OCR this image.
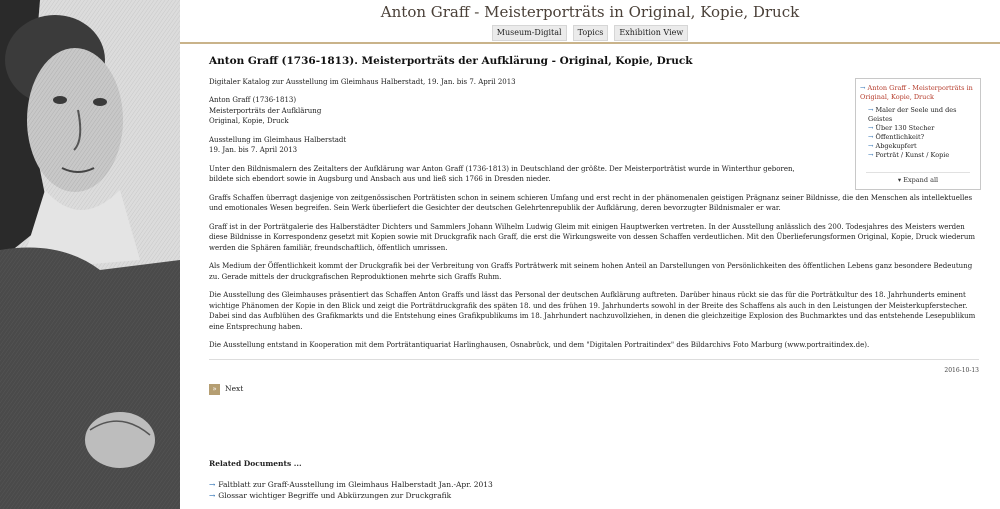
Anton Graff - Meisterporträts in Original, Kopie, Druck
Museum-Digital Topics Exhibition View
Anton Graff (1736-1813). Meisterporträts der Aufklärung - Original, Kopie, Druck
Digitaler Katalog zur Ausstellung im Gleimhaus Halberstadt, 19. Jan. bis 7. April 2013
Anton Graff (1736-1813)
Meisterporträts der Aufklärung
Original, Kopie, Druck
Ausstellung im Gleimhaus Halberstadt
19. Jan. bis 7. April 2013
Unter den Bildnismalern des Zeitalters der Aufklärung war Anton Graff (1736-1813) in Deutschland der größte. Der Meisterporträtist wurde in Winterthur geboren, bildete sich ebendort sowie in Augsburg und Ansbach aus und ließ sich 1766 in Dresden nieder.
Graffs Schaffen überragt dasjenige von zeitgenössischen Porträtisten schon in seinem schieren Umfang und erst recht in der phänomenalen geistigen Prägnanz seiner Bildnisse, die den Menschen als intellektuelles und emotionales Wesen begreifen. Sein Werk überliefert die Gesichter der deutschen Gelehrtenrepublik der Aufklärung, deren bevorzugter Bildnismaler er war.
Graff ist in der Porträtgalerie des Halberstädter Dichters und Sammlers Johann Wilhelm Ludwig Gleim mit einigen Hauptwerken vertreten. In der Ausstellung anlässlich des 200. Todesjahres des Meisters werden diese Bildnisse in Korrespondenz gesetzt mit Kopien sowie mit Druckgrafik nach Graff, die erst die Wirkungsweite von dessen Schaffen verdeutlichen. Mit den Überlieferungsformen Original, Kopie, Druck wiederum werden die Sphären familiär, freundschaftlich, öffentlich umrissen.
Als Medium der Öffentlichkeit kommt der Druckgrafik bei der Verbreitung von Graffs Porträtwerk mit seinem hohen Anteil an Darstellungen von Persönlichkeiten des öffentlichen Lebens ganz besondere Bedeutung zu. Gerade mittels der druckgrafischen Reproduktionen mehrte sich Graffs Ruhm.
Die Ausstellung des Gleimhauses präsentiert das Schaffen Anton Graffs und lässt das Personal der deutschen Aufklärung auftreten. Darüber hinaus rückt sie das für die Porträtkultur des 18. Jahrhunderts eminent wichtige Phänomen der Kopie in den Blick und zeigt die Porträtdruckgrafik des späten 18. und des frühen 19. Jahrhunderts sowohl in der Breite des Schaffens als auch in den Leistungen der Meisterkupferstecher. Dabei sind das Aufblühen des Grafikmarkts und die Entstehung eines Grafikpublikums im 18. Jahrhundert nachzuvollziehen, in denen die gleichzeitige Explosion des Buchmarktes und das entstehende Lesepublikum eine Entsprechung haben.
Die Ausstellung entstand in Kooperation mit dem Porträtantiquariat Harlinghausen, Osnabrück, und dem "Digitalen Portraitindex" des Bildarchivs Foto Marburg (www.portraitindex.de).
2016-10-13
»	Next
Related Documents ...
→ Faltblatt zur Graff-Ausstellung im Gleimhaus Halberstadt Jan.-Apr. 2013
→ Glossar wichtiger Begriffe und Abkürzungen zur Druckgrafik
→ Anton Graff - Meisterporträts in Original, Kopie, Druck
→ Maler der Seele und des Geistes
→ Über 130 Stecher
→ Öffentlichkeit?
→ Abgekupfert
→ Porträt / Kunst / Kopie
▾ Expand all
